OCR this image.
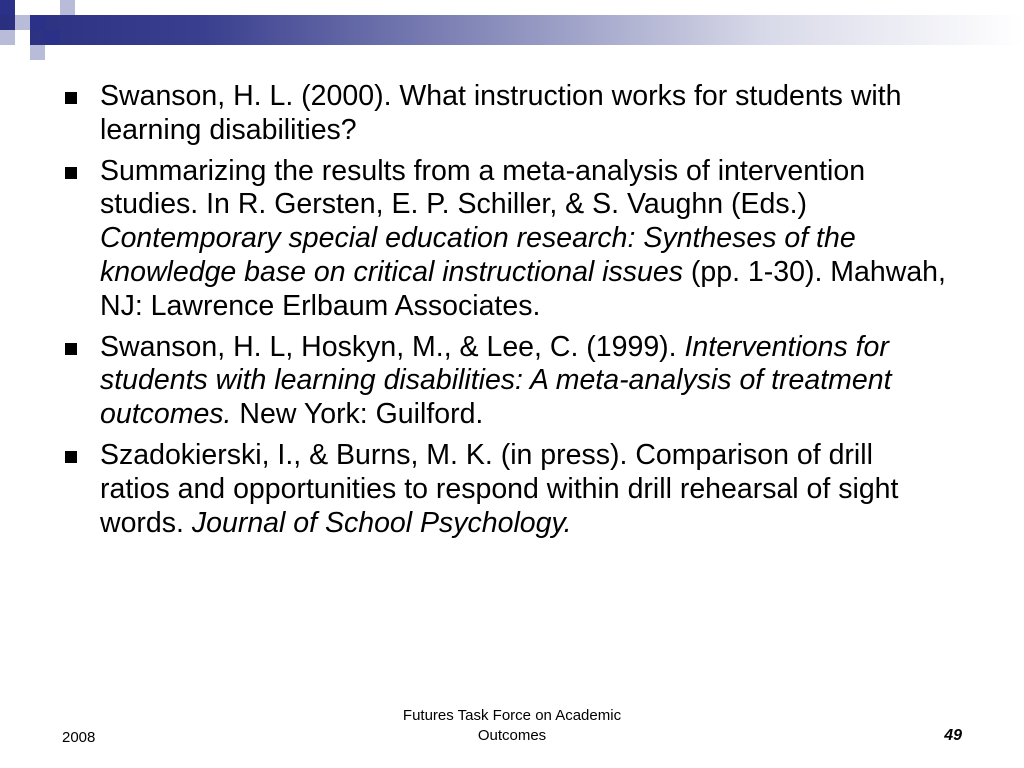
Swanson, H. L. (2000). What instruction works for students with learning disabilities?
Summarizing the results from a meta-analysis of intervention studies. In R. Gersten, E. P. Schiller, & S. Vaughn (Eds.) Contemporary special education research: Syntheses of the knowledge base on critical instructional issues (pp. 1-30). Mahwah, NJ: Lawrence Erlbaum Associates.
Swanson, H. L, Hoskyn, M., & Lee, C. (1999). Interventions for students with learning disabilities: A meta-analysis of treatment outcomes. New York: Guilford.
Szadokierski, I., & Burns, M. K. (in press). Comparison of drill ratios and opportunities to respond within drill rehearsal of sight words. Journal of School Psychology.
2008
Futures Task Force on Academic
Outcomes	49
